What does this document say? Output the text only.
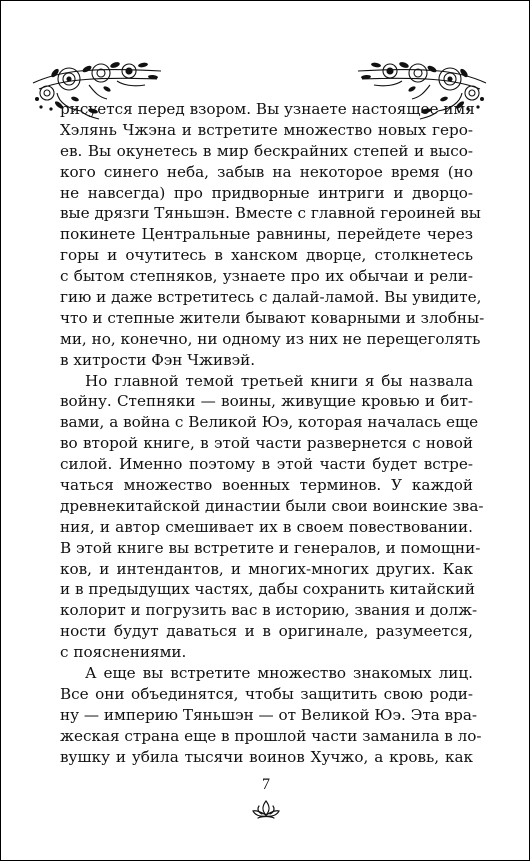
рисуется перед взором. Вы узнаете настоящее имя
Хэлянь Чжэна и встретите множество новых геро-
ев. Вы окунетесь в мир бескрайних степей и высо-
кого синего неба, забыв на некоторое время (но
не навсегда) про придворные интриги и дворцо-
вые дрязги Тяньшэн. Вместе с главной героиней вы
покинете Центральные равнины, перейдете через
горы и очутитесь в ханском дворце, столкнетесь
с бытом степняков, узнаете про их обычаи и рели-
гию и даже встретитесь с далай-ламой. Вы увидите,
что и степные жители бывают коварными и злобны-
ми, но, конечно, ни одному из них не перещеголять
в хитрости Фэн Чживэй.
Но главной темой третьей книги я бы назвала
войну. Степняки — воины, живущие кровью и бит-
вами, а война с Великой Юэ, которая началась еще
во второй книге, в этой части развернется с новой
силой. Именно поэтому в этой части будет встре-
чаться множество военных терминов. У каждой
древнекитайской династии были свои воинские зва-
ния, и автор смешивает их в своем повествовании.
В этой книге вы встретите и генералов, и помощни-
ков, и интендантов, и многих-многих других. Как
и в предыдущих частях, дабы сохранить китайский
колорит и погрузить вас в историю, звания и долж-
ности будут даваться и в оригинале, разумеется,
с пояснениями.
А еще вы встретите множество знакомых лиц.
Все они объединятся, чтобы защитить свою роди-
ну — империю Тяньшэн — от Великой Юэ. Эта вра-
жеская страна еще в прошлой части заманила в ло-
вушку и убила тысячи воинов Хучжо, а кровь, как
7
